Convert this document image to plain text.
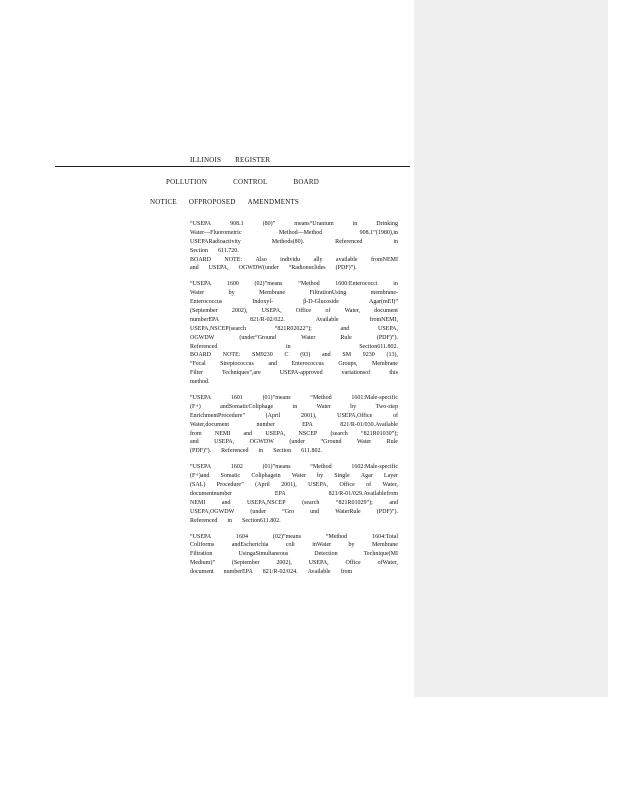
ILLINOIS REGISTER
POLLUTION	CONTROL	BOARD
NOTICE OFPROPOSED AMENDMENTS
“USEPA	908.1	(80)”	means“Uranium	in	Drinking
Water—Fluorometric	Method—Method	908.1”(1980),in
USEPARadioactivity	Methods(80).	Referenced	in
Section 611.720.
BOARD NOTE: Also individu ally available fromNEMI
and USEPA, OGWDW(under “Radionuclides (PDF)”).
“USEPA	1600	(02)”means	“Method	1600:Enterococci	in
Water	by	Membrane	FiltrationUsing	membrane-
Enterococcus	Indoxyl-	β-D-Glucoside	Agar(mEI)”
(September 2002), USEPA, Office of Water, document
numberEPA	821/R-02/022.	Available	fromNEMI,
USEPA,NSCEP(search	“821R02022”);	and	USEPA,
OGWDW	(under“Ground	Water	Rule	(PDF)”).
Referenced	in	Section611.802.
BOARD NOTE: SM9230 C (93) and SM 9230 (13),
“Fecal Streptococcus and Enterococcus Groups, Membrane
Filter	Techniques”,are	USEPA-approved	variationsof	this
method.
“USEPA	1601	(01)”means	“Method	1601:Male-specific
(F+)	andSomaticColiphage	in	Water	by	Two-step
EnrichmentProcedure”	(April	2001),	USEPA,Office	of
Water,document	number	EPA	821/R-01/030.Available
from NEMI and USEPA, NSCEP (search “821R01030”);
and	USEPA,	OGWDW	(under	“Ground	Water	Rule
(PDF)”). Referenced in Section 611.802.
“USEPA	1602	(01)”means	“Method	1602:Male-specific
(F+)and Somatic Coliphagein Water by Single Agar Layer
(SAL) Procedure” (April 2001), USEPA, Office of Water,
documentnumber	EPA	821/R-01/029.Availablefrom
NEMI	and	USEPA,NSCEP	(search	“821R01029”);	and
USEPA,OGWDW	(under	“Gro	und	WaterRule	(PDF)”).
Referenced in Section611.802.
“USEPA	1604	(02)”means	“Method	1604:Total
Coliforms	andEscherichia	coli	inWater	by	Membrane
Filtration	UsingaSimultaneous	Detection	Technique(MI
Medium)”	(September	2002),	USEPA,	Office	ofWater,
document numberEPA 821/R-02/024. Available from
